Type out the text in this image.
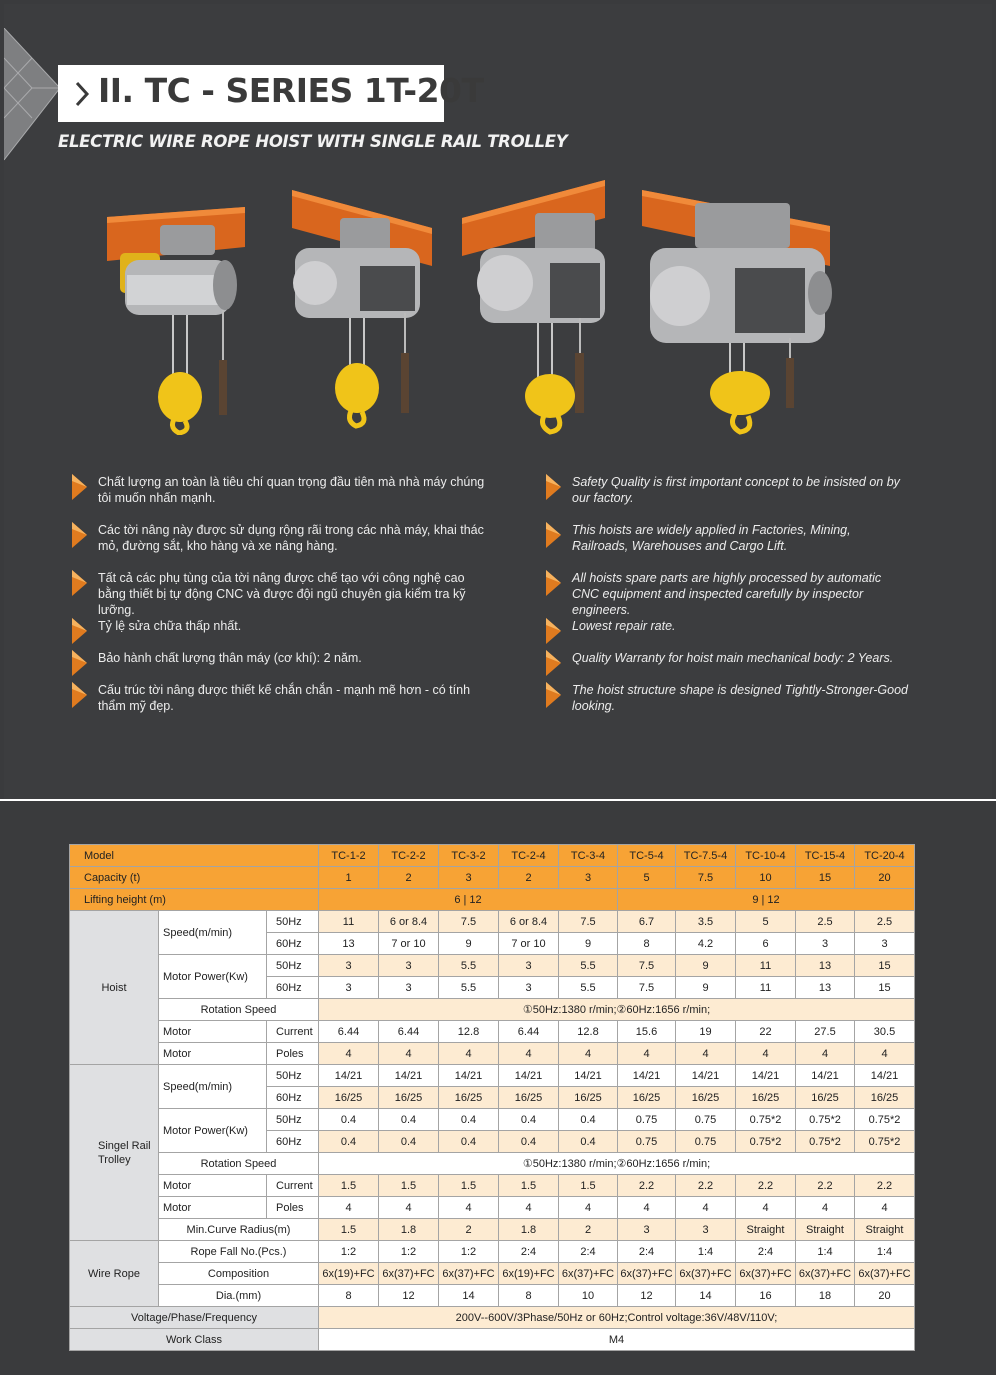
II. TC - SERIES 1T-20T
ELECTRIC WIRE ROPE HOIST WITH SINGLE RAIL TROLLEY
Chất lượng an toàn là tiêu chí quan trọng đầu tiên mà nhà máy chúng tôi muốn nhấn mạnh.
Các tời nâng này được sử dụng rộng rãi trong các nhà máy, khai thác mỏ, đường sắt, kho hàng và xe nâng hàng.
Tất cả các phụ tùng của tời nâng được chế tạo với công nghệ cao bằng thiết bị tự động CNC và được đội ngũ chuyên gia kiểm tra kỹ lưỡng.
Tỷ lệ sửa chữa thấp nhất.
Bảo hành chất lượng thân máy (cơ khí): 2 năm.
Cấu trúc tời nâng được thiết kế chắn chắn - mạnh mẽ hơn - có tính thẩm mỹ đẹp.
Safety Quality is first important concept to be insisted on by our factory.
This hoists are widely applied in Factories, Mining, Railroads, Warehouses and Cargo Lift.
All hoists spare parts are highly processed by automatic CNC equipment and inspected carefully by inspector engineers.
Lowest repair rate.
Quality Warranty for hoist main mechanical body: 2 Years.
The hoist structure shape is designed Tightly-Stronger-Good looking.
Model			TC-1-2	TC-2-2	TC-3-2	TC-2-4	TC-3-4	TC-5-4	TC-7.5-4	TC-10-4	TC-15-4	TC-20-4
Capacity (t)			1	2	3	2	3	5	7.5	10	15	20
Lifting height (m)			6 | 12					9 | 12				
Hoist	Speed(m/min)	50Hz	11	6 or 8.4	7.5	6 or 8.4	7.5	6.7	3.5	5	2.5	2.5
		60Hz	13	7 or 10	9	7 or 10	9	8	4.2	6	3	3
	Motor Power(Kw)	50Hz	3	3	5.5	3	5.5	7.5	9	11	13	15
		60Hz	3	3	5.5	3	5.5	7.5	9	11	13	15
	Rotation Speed		①50Hz:1380 r/min;②60Hz:1656 r/min;									
	Motor	Current	6.44	6.44	12.8	6.44	12.8	15.6	19	22	27.5	30.5
	Motor	Poles	4	4	4	4	4	4	4	4	4	4
Singel Rail Trolley	Speed(m/min)	50Hz	14/21	14/21	14/21	14/21	14/21	14/21	14/21	14/21	14/21	14/21
		60Hz	16/25	16/25	16/25	16/25	16/25	16/25	16/25	16/25	16/25	16/25
	Motor Power(Kw)	50Hz	0.4	0.4	0.4	0.4	0.4	0.75	0.75	0.75*2	0.75*2	0.75*2
		60Hz	0.4	0.4	0.4	0.4	0.4	0.75	0.75	0.75*2	0.75*2	0.75*2
	Rotation Speed		①50Hz:1380 r/min;②60Hz:1656 r/min;									
	Motor	Current	1.5	1.5	1.5	1.5	1.5	2.2	2.2	2.2	2.2	2.2
	Motor	Poles	4	4	4	4	4	4	4	4	4	4
	Min.Curve Radius(m)		1.5	1.8	2	1.8	2	3	3	Straight	Straight	Straight
Wire Rope	Rope Fall No.(Pcs.)		1:2	1:2	1:2	2:4	2:4	2:4	1:4	2:4	1:4	1:4
	Composition		6x(19)+FC	6x(37)+FC	6x(37)+FC	6x(19)+FC	6x(37)+FC	6x(37)+FC	6x(37)+FC	6x(37)+FC	6x(37)+FC	6x(37)+FC
	Dia.(mm)		8	12	14	8	10	12	14	16	18	20
Voltage/Phase/Frequency			200V--600V/3Phase/50Hz or 60Hz;Control voltage:36V/48V/110V;									
Work Class			M4									
